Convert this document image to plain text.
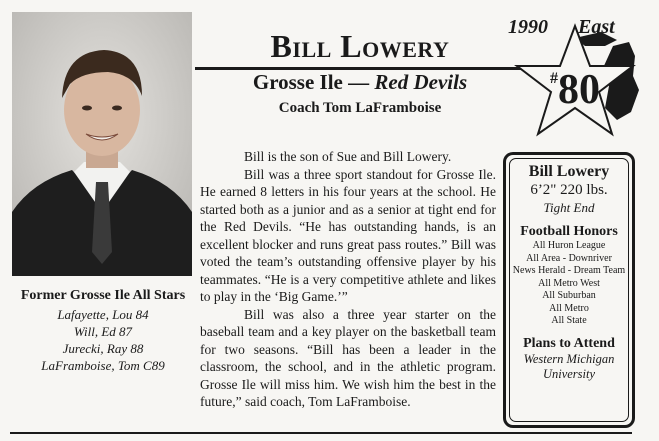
Former Grosse Ile All Stars
Lafayette, Lou 84
Will, Ed 87
Jurecki, Ray 88
LaFramboise, Tom C89
Bill Lowery
Grosse Ile — Red Devils
Coach Tom LaFramboise

Bill is the son of Sue and Bill Lowery.

Bill was a three sport standout for Grosse Ile. He earned 8 letters in his four years at the school. He started both as a junior and as a senior at tight end for the Red Devils. “He has outstanding hands, is an excellent blocker and runs great pass routes.” Bill was voted the team’s outstanding offensive player by his teammates. “He is a very competitive athlete and likes to play in the ‘Big Game.’”

Bill was also a three year starter on the baseball team and a key player on the basketball team for two seasons. “Bill has been a leader in the classroom, the school, and in the athletic program. Grosse Ile will miss him. We wish him the best in the future,” said coach, Tom LaFramboise.

1990 East
#80
Bill Lowery
6’2" 220 lbs.
Tight End
Football Honors
All Huron League
All Area - Downriver
News Herald - Dream Team
All Metro West
All Suburban
All Metro
All State
Plans to Attend
Western Michigan
University
